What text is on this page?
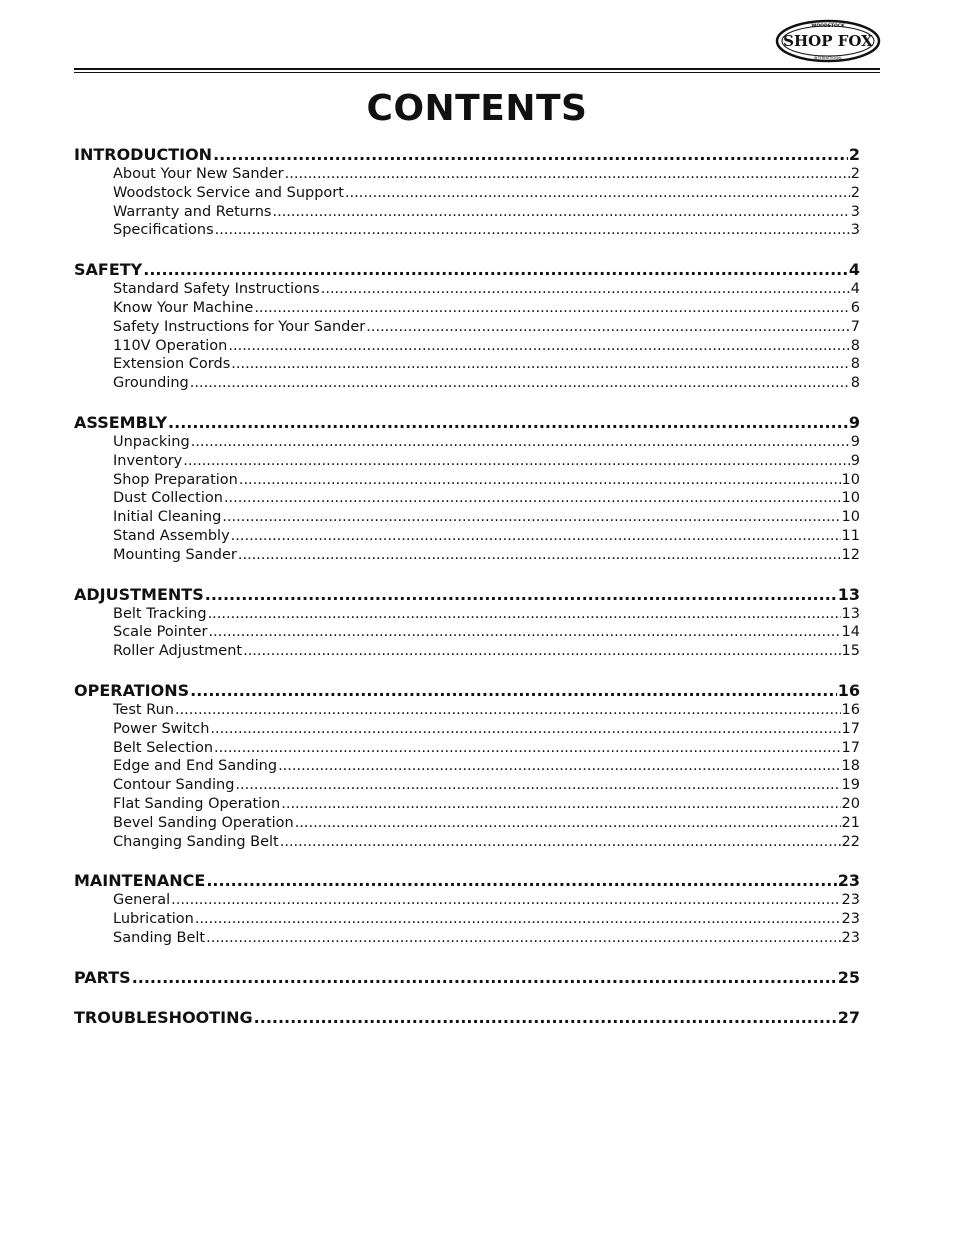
WOODSTOCK
SHOP FOX
INTERNATIONAL
CONTENTS
INTRODUCTION .....	2
About Your New Sander .....	2
Woodstock Service and Support .....	2
Warranty and Returns .....	3
Specifications .....	3
SAFETY .....	4
Standard Safety Instructions .....	4
Know Your Machine .....	6
Safety Instructions for Your Sander .....	7
110V Operation .....	8
Extension Cords .....	8
Grounding .....	8
ASSEMBLY .....	9
Unpacking .....	9
Inventory .....	9
Shop Preparation .....	10
Dust Collection .....	10
Initial Cleaning .....	10
Stand Assembly .....	11
Mounting Sander .....	12
ADJUSTMENTS .....	13
Belt Tracking .....	13
Scale Pointer .....	14
Roller Adjustment .....	15
OPERATIONS .....	16
Test Run .....	16
Power Switch .....	17
Belt Selection .....	17
Edge and End Sanding .....	18
Contour Sanding .....	19
Flat Sanding Operation .....	20
Bevel Sanding Operation .....	21
Changing Sanding Belt .....	22
MAINTENANCE .....	23
General .....	23
Lubrication .....	23
Sanding Belt .....	23
PARTS .....	25
TROUBLESHOOTING .....	27
